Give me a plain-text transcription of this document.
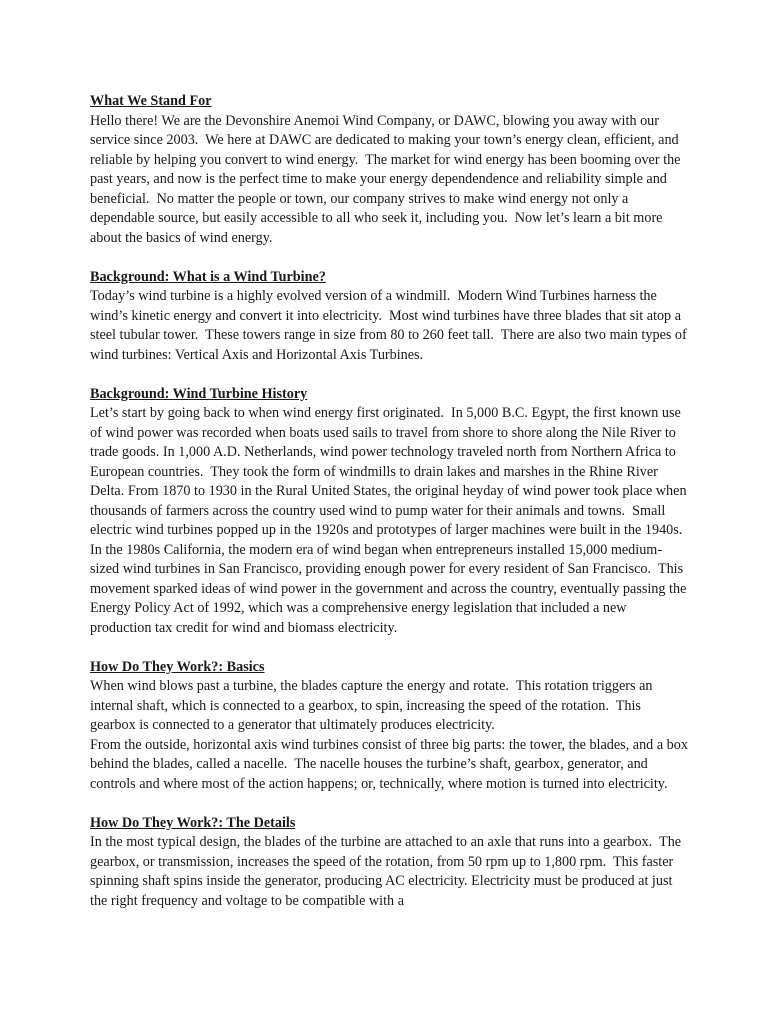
What We Stand For

Hello there! We are the Devonshire Anemoi Wind Company, or DAWC, blowing you away with our service since 2003.  We here at DAWC are dedicated to making your town’s energy clean, efficient, and reliable by helping you convert to wind energy.  The market for wind energy has been booming over the past years, and now is the perfect time to make your energy dependendence and reliability simple and beneficial.  No matter the people or town, our company strives to make wind energy not only a dependable source, but easily accessible to all who seek it, including you.  Now let’s learn a bit more about the basics of wind energy.

Background: What is a Wind Turbine?

Today’s wind turbine is a highly evolved version of a windmill.  Modern Wind Turbines harness the wind’s kinetic energy and convert it into electricity.  Most wind turbines have three blades that sit atop a steel tubular tower.  These towers range in size from 80 to 260 feet tall.  There are also two main types of wind turbines: Vertical Axis and Horizontal Axis Turbines.

Background: Wind Turbine History

Let’s start by going back to when wind energy first originated.  In 5,000 B.C. Egypt, the first known use of wind power was recorded when boats used sails to travel from shore to shore along the Nile River to trade goods. In 1,000 A.D. Netherlands, wind power technology traveled north from Northern Africa to European countries.  They took the form of windmills to drain lakes and marshes in the Rhine River Delta. From 1870 to 1930 in the Rural United States, the original heyday of wind power took place when thousands of farmers across the country used wind to pump water for their animals and towns.  Small electric wind turbines popped up in the 1920s and prototypes of larger machines were built in the 1940s.  In the 1980s California, the modern era of wind began when entrepreneurs installed 15,000 medium-sized wind turbines in San Francisco, providing enough power for every resident of San Francisco.  This movement sparked ideas of wind power in the government and across the country, eventually passing the Energy Policy Act of 1992, which was a comprehensive energy legislation that included a new production tax credit for wind and biomass electricity.

How Do They Work?: Basics

When wind blows past a turbine, the blades capture the energy and rotate.  This rotation triggers an internal shaft, which is connected to a gearbox, to spin, increasing the speed of the rotation.  This gearbox is connected to a generator that ultimately produces electricity.

From the outside, horizontal axis wind turbines consist of three big parts: the tower, the blades, and a box behind the blades, called a nacelle.  The nacelle houses the turbine’s shaft, gearbox, generator, and controls and where most of the action happens; or, technically, where motion is turned into electricity.

How Do They Work?: The Details

In the most typical design, the blades of the turbine are attached to an axle that runs into a gearbox.  The gearbox, or transmission, increases the speed of the rotation, from 50 rpm up to 1,800 rpm.  This faster spinning shaft spins inside the generator, producing AC electricity. Electricity must be produced at just the right frequency and voltage to be compatible with a
